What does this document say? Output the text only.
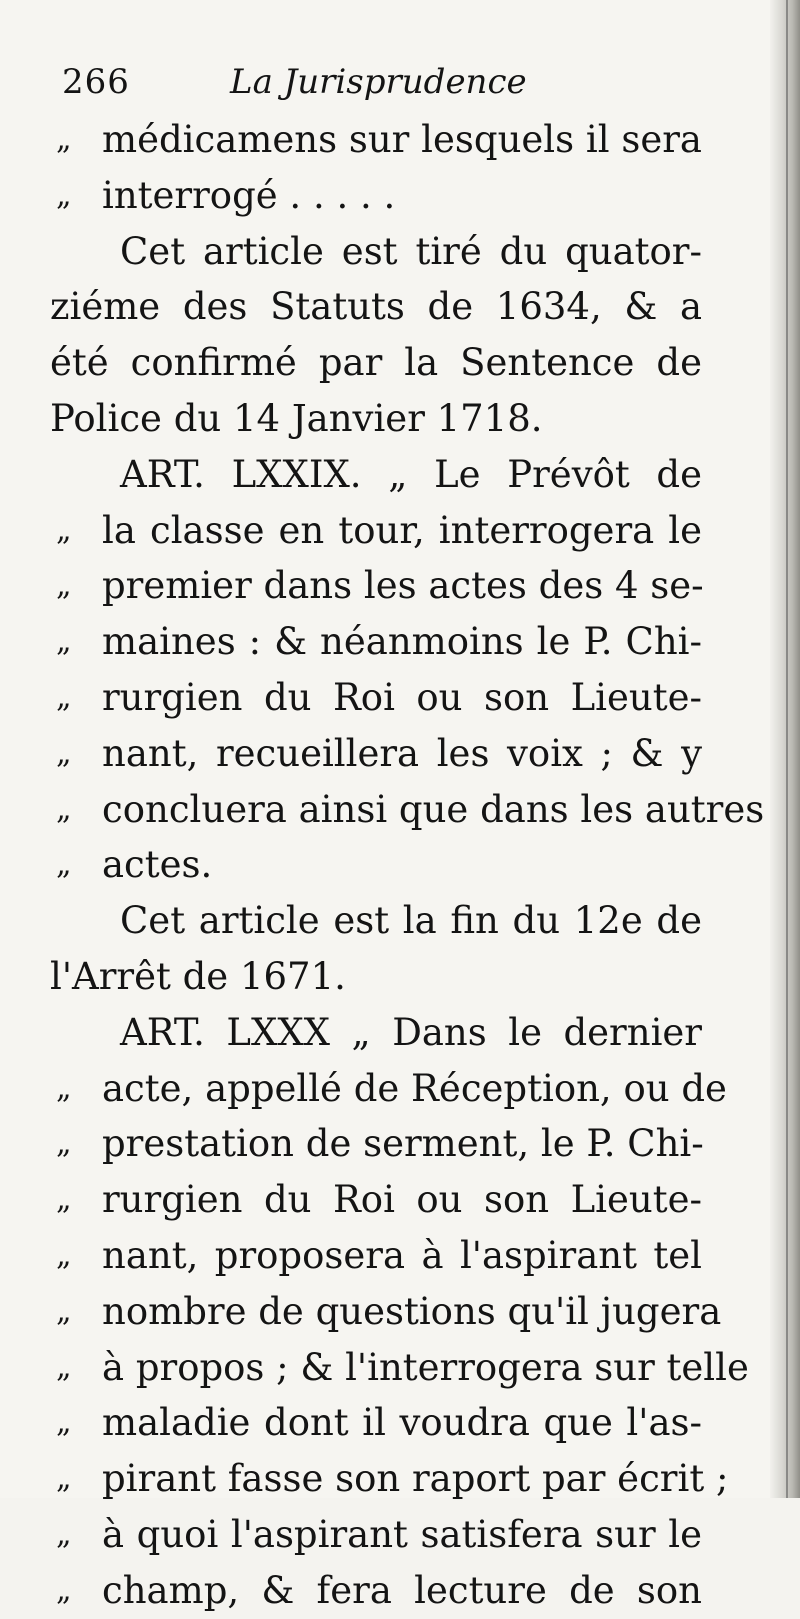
266	La Jurisprudence
„ médicamens sur lesquels il sera
„ interrogé . . . . .
Cet article est tiré du quator-
ziéme des Statuts de 1634, & a
été confirmé par la Sentence de
Police du 14 Janvier 1718.
ART. LXXIX. „ Le Prévôt de
„ la classe en tour, interrogera le
„ premier dans les actes des 4 se-
„ maines : & néanmoins le P. Chi-
„ rurgien du Roi ou son Lieute-
„ nant, recueillera les voix ; & y
„ concluera ainsi que dans les autres
„ actes.
Cet article est la fin du 12e de
l'Arrêt de 1671.
ART. LXXX „ Dans le dernier
„ acte, appellé de Réception, ou de
„ prestation de serment, le P. Chi-
„ rurgien du Roi ou son Lieute-
„ nant, proposera à l'aspirant tel
„ nombre de questions qu'il jugera
„ à propos ; & l'interrogera sur telle
„ maladie dont il voudra que l'as-
„ pirant fasse son raport par écrit ;
„ à quoi l'aspirant satisfera sur le
„ champ, & fera lecture de son
